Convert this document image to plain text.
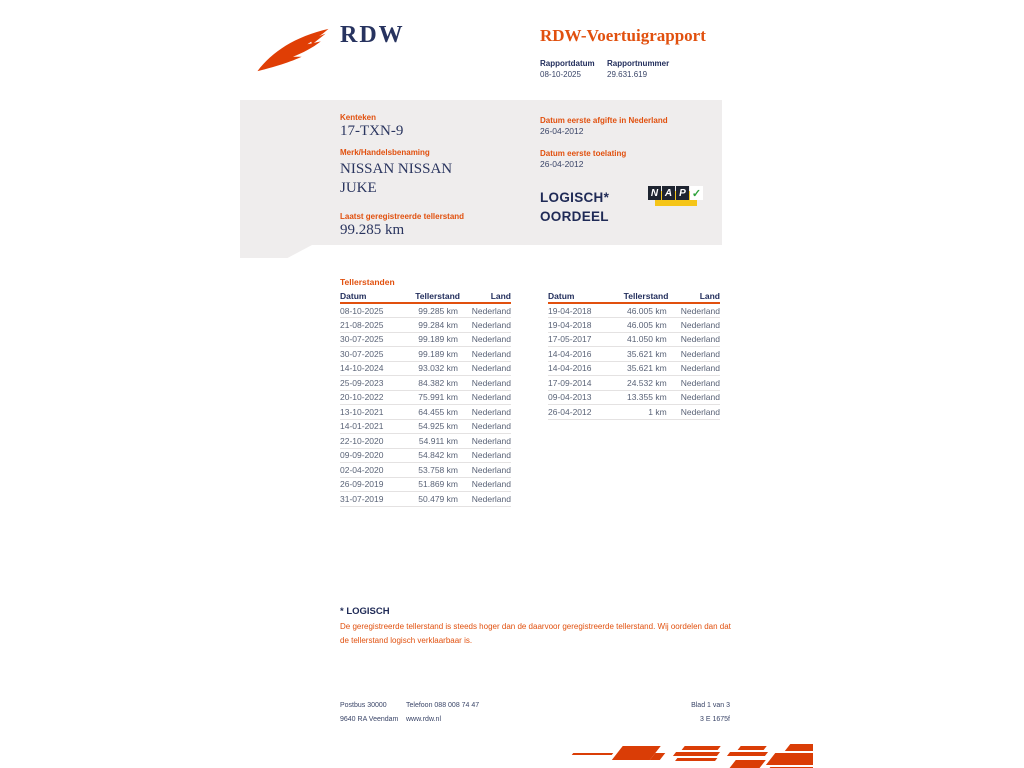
RDW	RDW-Voertuigrapport
Rapportdatum
08-10-2025
Rapportnummer
29.631.619
Kenteken
17-TXN-9
Merk/Handelsbenaming
NISSAN NISSAN JUKE
Laatst geregistreerde tellerstand
99.285 km
Datum eerste afgifte in Nederland
26-04-2012
Datum eerste toelating
26-04-2012
LOGISCH* OORDEEL
N A P ✓
Tellerstanden
Datum	Tellerstand	Land
08-10-2025	99.285 km	Nederland
21-08-2025	99.284 km	Nederland
30-07-2025	99.189 km	Nederland
30-07-2025	99.189 km	Nederland
14-10-2024	93.032 km	Nederland
25-09-2023	84.382 km	Nederland
20-10-2022	75.991 km	Nederland
13-10-2021	64.455 km	Nederland
14-01-2021	54.925 km	Nederland
22-10-2020	54.911 km	Nederland
09-09-2020	54.842 km	Nederland
02-04-2020	53.758 km	Nederland
26-09-2019	51.869 km	Nederland
31-07-2019	50.479 km	Nederland
Datum	Tellerstand	Land
19-04-2018	46.005 km	Nederland
19-04-2018	46.005 km	Nederland
17-05-2017	41.050 km	Nederland
14-04-2016	35.621 km	Nederland
14-04-2016	35.621 km	Nederland
17-09-2014	24.532 km	Nederland
09-04-2013	13.355 km	Nederland
26-04-2012	1 km	Nederland
* LOGISCH
De geregistreerde tellerstand is steeds hoger dan de daarvoor geregistreerde tellerstand. Wij oordelen dan dat de tellerstand logisch verklaarbaar is.
Postbus 30000
9640 RA Veendam
Telefoon 088 008 74 47
www.rdw.nl
Blad 1 van 3
3 E 1675f
